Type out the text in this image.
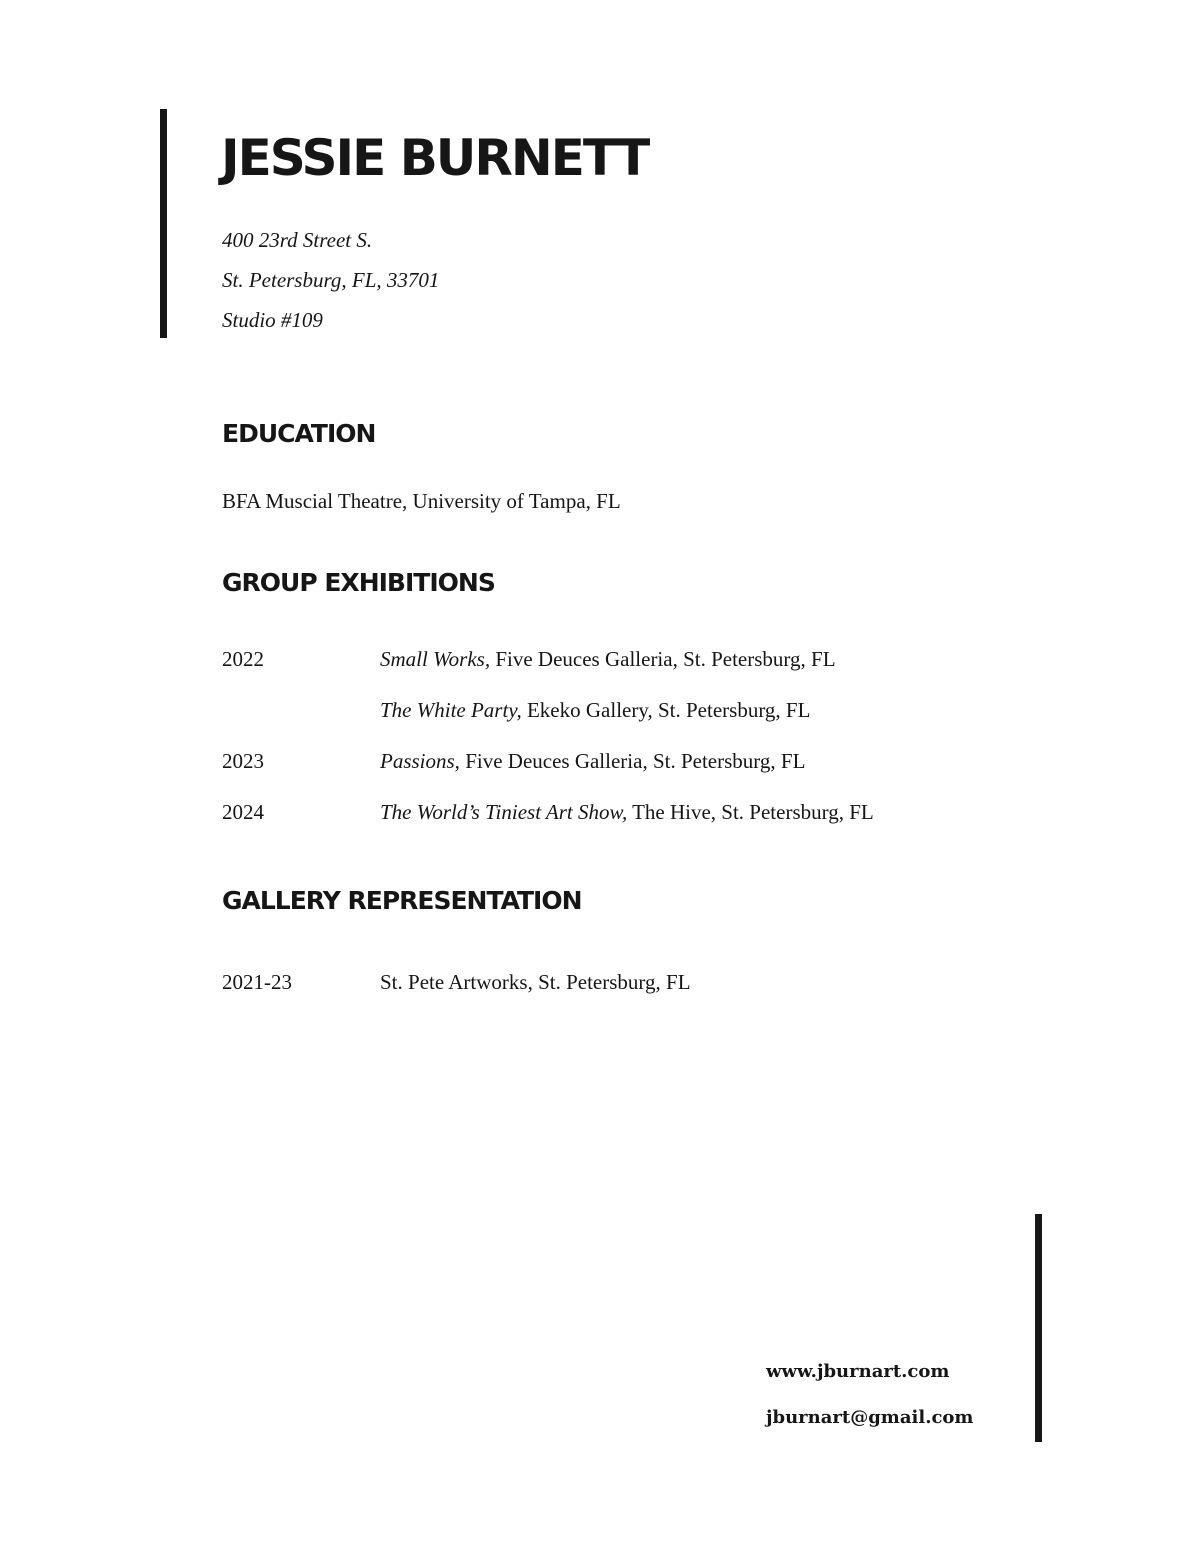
JESSIE BURNETT
400 23rd Street S.
St. Petersburg, FL, 33701
Studio #109
EDUCATION
BFA Muscial Theatre, University of Tampa, FL
GROUP EXHIBITIONS
2022	Small Works, Five Deuces Galleria, St. Petersburg, FL
The White Party, Ekeko Gallery, St. Petersburg, FL
2023	Passions, Five Deuces Galleria, St. Petersburg, FL
2024	The World’s Tiniest Art Show, The Hive, St. Petersburg, FL
GALLERY REPRESENTATION
2021-23	St. Pete Artworks, St. Petersburg, FL
www.jburnart.com
jburnart@gmail.com
